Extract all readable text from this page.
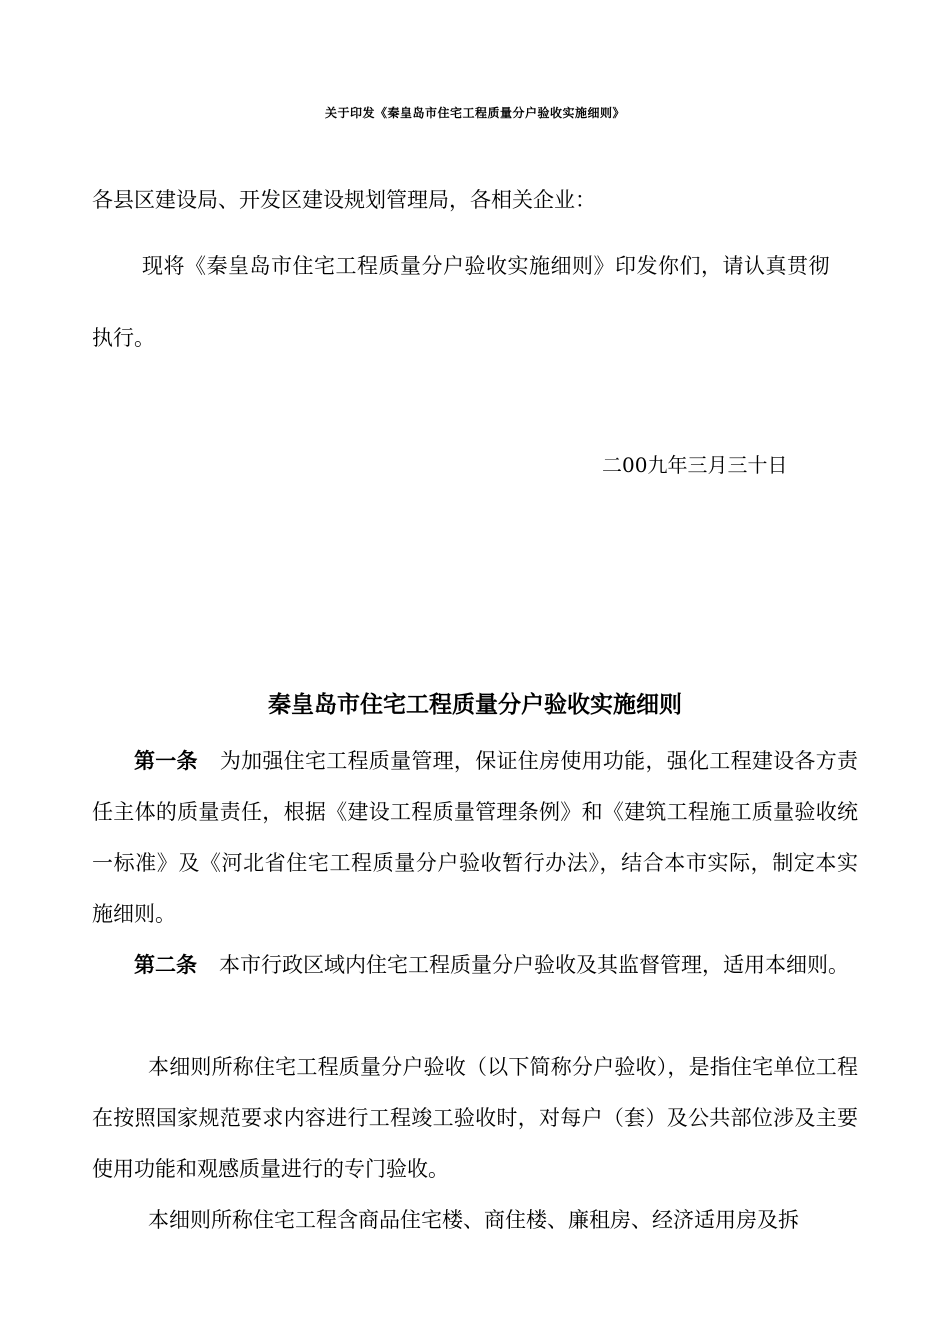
关于印发《秦皇岛市住宅工程质量分户验收实施细则》
各县区建设局、开发区建设规划管理局，各相关企业：
现将《秦皇岛市住宅工程质量分户验收实施细则》印发你们，请认真贯彻
执行。
二00九年三月三十日
秦皇岛市住宅工程质量分户验收实施细则
第一条 为加强住宅工程质量管理，保证住房使用功能，强化工程建设各方责任主体的质量责任，根据《建设工程质量管理条例》和《建筑工程施工质量验收统一标准》及《河北省住宅工程质量分户验收暂行办法》，结合本市实际，制定本实施细则。
第二条 本市行政区域内住宅工程质量分户验收及其监督管理，适用本细则。
本细则所称住宅工程质量分户验收（以下简称分户验收），是指住宅单位工程在按照国家规范要求内容进行工程竣工验收时，对每户（套）及公共部位涉及主要使用功能和观感质量进行的专门验收。
本细则所称住宅工程含商品住宅楼、商住楼、廉租房、经济适用房及拆
